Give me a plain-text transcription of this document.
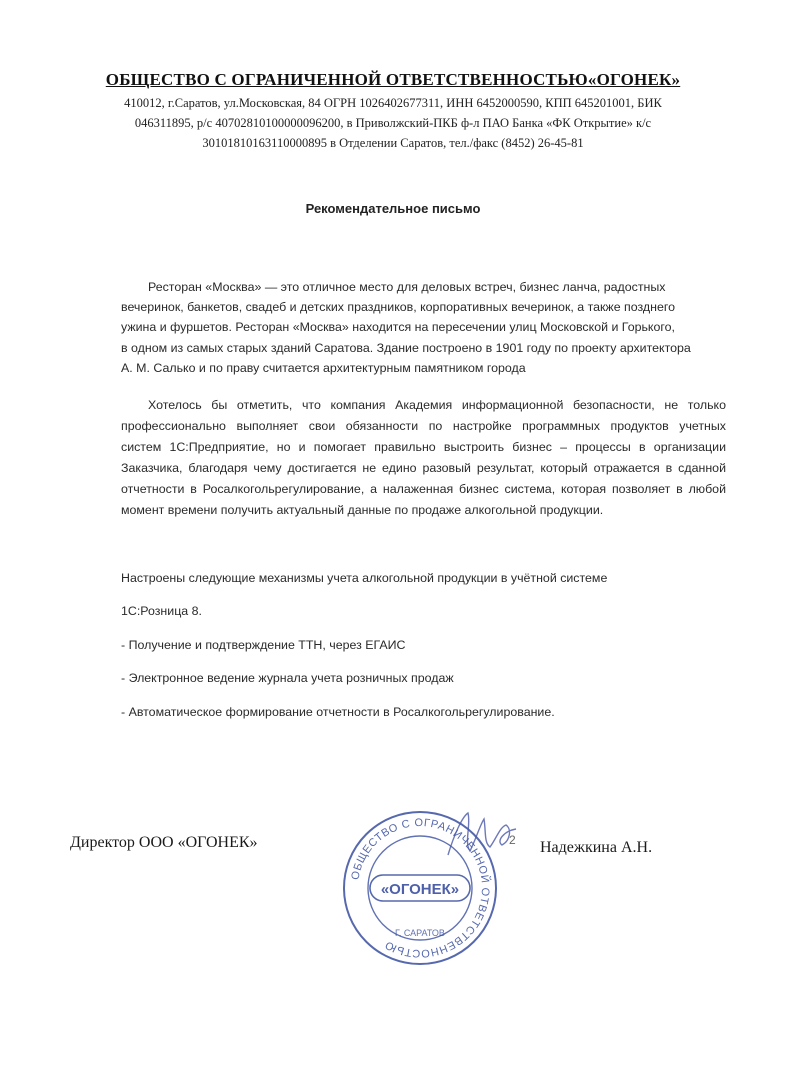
ОБЩЕСТВО С ОГРАНИЧЕННОЙ ОТВЕТСТВЕННОСТЬЮ«ОГОНЕК»
410012, г.Саратов, ул.Московская, 84 ОГРН 1026402677311, ИНН 6452000590, КПП 645201001, БИК
046311895, р/с 40702810100000096200, в Приволжский-ПКБ ф-л ПАО Банка «ФК Открытие» к/с
30101810163110000895 в Отделении Саратов, тел./факс (8452) 26-45-81
Рекомендательное письмо
Ресторан «Москва» — это отличное место для деловых встреч, бизнес ланча, радостных
вечеринок, банкетов, свадеб и детских праздников, корпоративных вечеринок, а также позднего
ужина и фуршетов. Ресторан «Москва» находится на пересечении улиц Московской и Горького,
в одном из самых старых зданий Саратова. Здание построено в 1901 году по проекту архитектора
А. М. Салько и по праву считается архитектурным памятником города
Хотелось бы отметить, что компания Академия информационной безопасности, не только
профессионально выполняет свои обязанности по настройке программных продуктов учетных
систем 1С:Предприятие, но и помогает правильно выстроить бизнес – процессы в организации
Заказчика, благодаря чему достигается не едино разовый результат, который отражается в сданной
отчетности в Росалкогольрегулирование, а налаженная бизнес система, которая позволяет в любой
момент времени получить актуальный данные по продаже алкогольной продукции.
Настроены следующие механизмы учета алкогольной продукции в учётной системе
1С:Розница 8.
- Получение и подтверждение ТТН, через ЕГАИС
- Электронное ведение журнала учета розничных продаж
- Автоматическое формирование отчетности в Росалкогольрегулирование.
Директор ООО «ОГОНЕК»
ОБЩЕСТВО С ОГРАНИЧЕННОЙ ОТВЕТСТВЕННОСТЬЮ
«ОГОНЕК»
Г. САРАТОВ
2 Надежкина А.Н.
